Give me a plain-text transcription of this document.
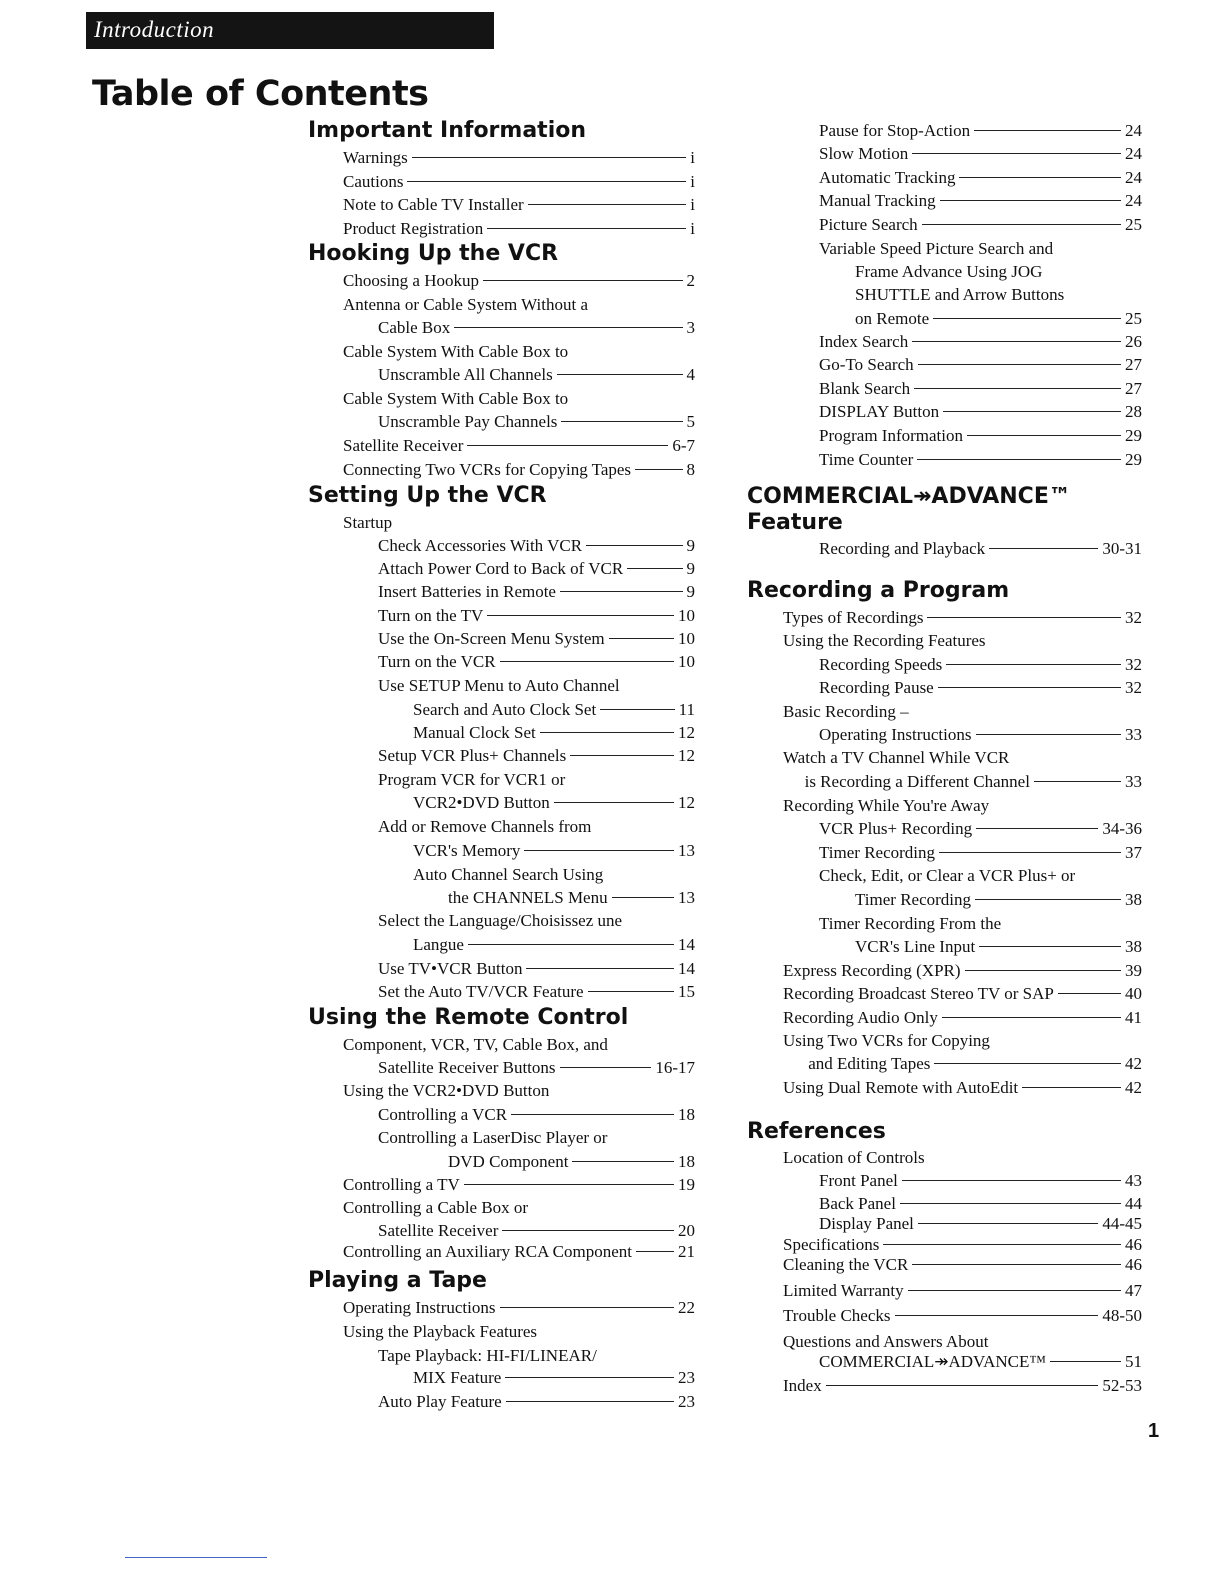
Introduction
Table of Contents
Important Information
Warnings	i
Cautions	i
Note to Cable TV Installer	i
Product Registration	i
Hooking Up the VCR
Choosing a Hookup	2
Antenna or Cable System Without a
Cable Box	3
Cable System With Cable Box to
Unscramble All Channels	4
Cable System With Cable Box to
Unscramble Pay Channels	5
Satellite Receiver	6-7
Connecting Two VCRs for Copying Tapes	8
Setting Up the VCR
Startup
Check Accessories With VCR	9
Attach Power Cord to Back of VCR	9
Insert Batteries in Remote	9
Turn on the TV	10
Use the On-Screen Menu System	10
Turn on the VCR	10
Use SETUP Menu to Auto Channel
Search and Auto Clock Set	11
Manual Clock Set	12
Setup VCR Plus+ Channels	12
Program VCR for VCR1 or
VCR2•DVD Button	12
Add or Remove Channels from
VCR's Memory	13
Auto Channel Search Using
the CHANNELS Menu	13
Select the Language/Choisissez une
Langue	14
Use TV•VCR Button	14
Set the Auto TV/VCR Feature	15
Using the Remote Control
Component, VCR, TV, Cable Box, and
Satellite Receiver Buttons	16-17
Using the VCR2•DVD Button
Controlling a VCR	18
Controlling a LaserDisc Player or
DVD Component	18
Controlling a TV	19
Controlling a Cable Box or
Satellite Receiver	20
Controlling an Auxiliary RCA Component	21
Playing a Tape
Operating Instructions	22
Using the Playback Features
Tape Playback: HI-FI/LINEAR/
MIX Feature	23
Auto Play Feature	23
Pause for Stop-Action	24
Slow Motion	24
Automatic Tracking	24
Manual Tracking	24
Picture Search	25
Variable Speed Picture Search and
Frame Advance Using JOG
SHUTTLE and Arrow Buttons
on Remote	25
Index Search	26
Go-To Search	27
Blank Search	27
DISPLAY Button	28
Program Information	29
Time Counter	29
COMMERCIAL↠ADVANCE™
Feature
Recording and Playback	30-31
Recording a Program
Types of Recordings	32
Using the Recording Features
Recording Speeds	32
Recording Pause	32
Basic Recording –
Operating Instructions	33
Watch a TV Channel While VCR
is Recording a Different Channel	33
Recording While You're Away
VCR Plus+ Recording	34-36
Timer Recording	37
Check, Edit, or Clear a VCR Plus+ or
Timer Recording	38
Timer Recording From the
VCR's Line Input	38
Express Recording (XPR)	39
Recording Broadcast Stereo TV or SAP	40
Recording Audio Only	41
Using Two VCRs for Copying
and Editing Tapes	42
Using Dual Remote with AutoEdit	42
References
Location of Controls
Front Panel	43
Back Panel	44
Display Panel	44-45
Specifications	46
Cleaning the VCR	46
Limited Warranty	47
Trouble Checks	48-50
Questions and Answers About
COMMERCIAL↠ADVANCE™	51
Index	52-53
1
